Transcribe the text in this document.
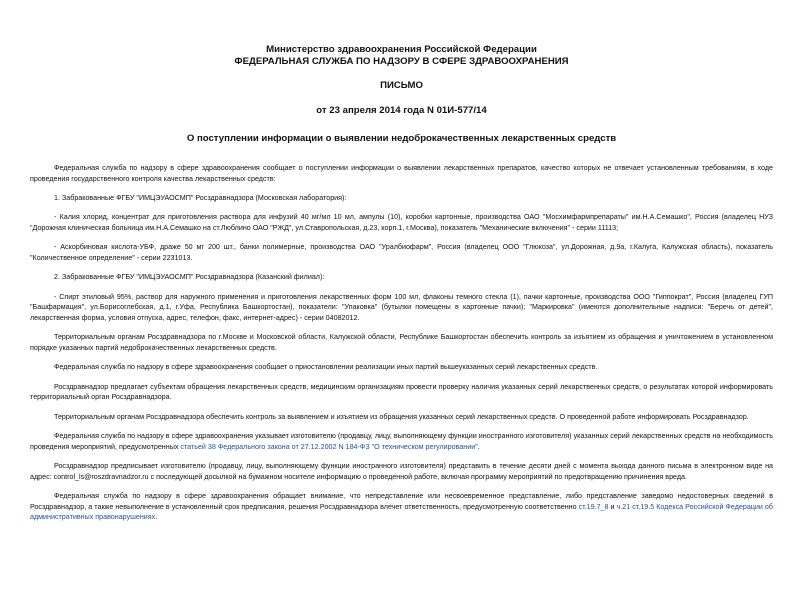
Министерство здравоохранения Российской Федерации
ФЕДЕРАЛЬНАЯ СЛУЖБА ПО НАДЗОРУ В СФЕРЕ ЗДРАВООХРАНЕНИЯ
ПИСЬМО
от 23 апреля 2014 года N 01И-577/14
О поступлении информации о выявлении недоброкачественных лекарственных средств

Федеральная служба по надзору в сфере здравоохранения сообщает о поступлении информации о выявлении лекарственных препаратов, качество которых не отвечает установленным требованиям, в ходе проведения государственного контроля качества лекарственных средств:

1. Забракованные ФГБУ "ИМЦЭУАОСМП" Росздравнадзора (Московская лаборатория):

- Калия хлорид, концентрат для приготовления раствора для инфузий 40 мг/мл 10 мл, ампулы (10), коробки картонные, производства ОАО "Мосхимфармпрепараты" им.Н.А.Семашко", Россия (владелец НУЗ "Дорожная клиническая больница им.Н.А.Семашко на ст.Люблино ОАО "РЖД", ул.Ставропольская, д.23, корп.1, г.Москва), показатель "Механические включения" - серии 11113;

- Аскорбиновая кислота-УБФ, драже 50 мг 200 шт., банки полимерные, производства ОАО "Уралбиофарм", Россия (владелец ООО "Глюкоза", ул.Дорожная, д.9а, г.Калуга, Калужская область), показатель "Количественное определение" - серии 2231013.

2. Забракованные ФГБУ "ИМЦЭУАОСМП" Росздравнадзора (Казанский филиал):

- Спирт этиловый 95%, раствор для наружного применения и приготовления лекарственных форм 100 мл, флаконы темного стекла (1), пачки картонные, производства ООО "Гиппократ", Россия (владелец ГУП "Башфармация", ул.Борисоглебская, д.1, г.Уфа, Республика Башкортостан), показатели: "Упаковка" (бутылки помещены в картонные пачки); "Маркировка" (имеются дополнительные надписи: "Беречь от детей", лекарственная форма, условия отпуска, адрес, телефон, факс, интернет-адрес) - серии 04082012.

Территориальным органам Росздравнадзора по г.Москве и Московской области, Калужской области, Республике Башкортостан обеспечить контроль за изъятием из обращения и уничтожением в установленном порядке указанных партий недоброкачественных лекарственных средств.

Федеральная служба по надзору в сфере здравоохранения сообщает о приостановлении реализации иных партий вышеуказанных серий лекарственных средств.

Росздравнадзор предлагает субъектам обращения лекарственных средств, медицинским организациям провести проверку наличия указанных серий лекарственных средств, о результатах которой информировать территориальный орган Росздравнадзора.

Территориальным органам Росздравнадзора обеспечить контроль за выявлением и изъятием из обращения указанных серий лекарственных средств. О проведенной работе информировать Росздравнадзор.

Федеральная служба по надзору в сфере здравоохранения указывает изготовителю (продавцу, лицу, выполняющему функции иностранного изготовителя) указанных серий лекарственных средств на необходимость проведения мероприятий, предусмотренных статьей 38 Федерального закона от 27.12.2002 N 184-ФЗ "О техническом регулировании".

Росздравнадзор предписывает изготовителю (продавцу, лицу, выполняющему функции иностранного изготовителя) представить в течение десяти дней с момента выхода данного письма в электронном виде на адрес: control_ls@roszdravnadzor.ru с последующей досылкой на бумажном носителе информацию о проведенной работе, включая программу мероприятий по предотвращению причинения вреда.

Федеральная служба по надзору в сфере здравоохранения обращает внимание, что непредставление или несвоевременное представление, либо представление заведомо недостоверных сведений в Росздравнадзор, а также невыполнение в установленный срок предписания, решения Росздравнадзора влечет ответственность, предусмотренную соответственно ст.19.7_8 и ч.21 ст.19.5 Кодекса Российской Федерации об административных правонарушениях.
